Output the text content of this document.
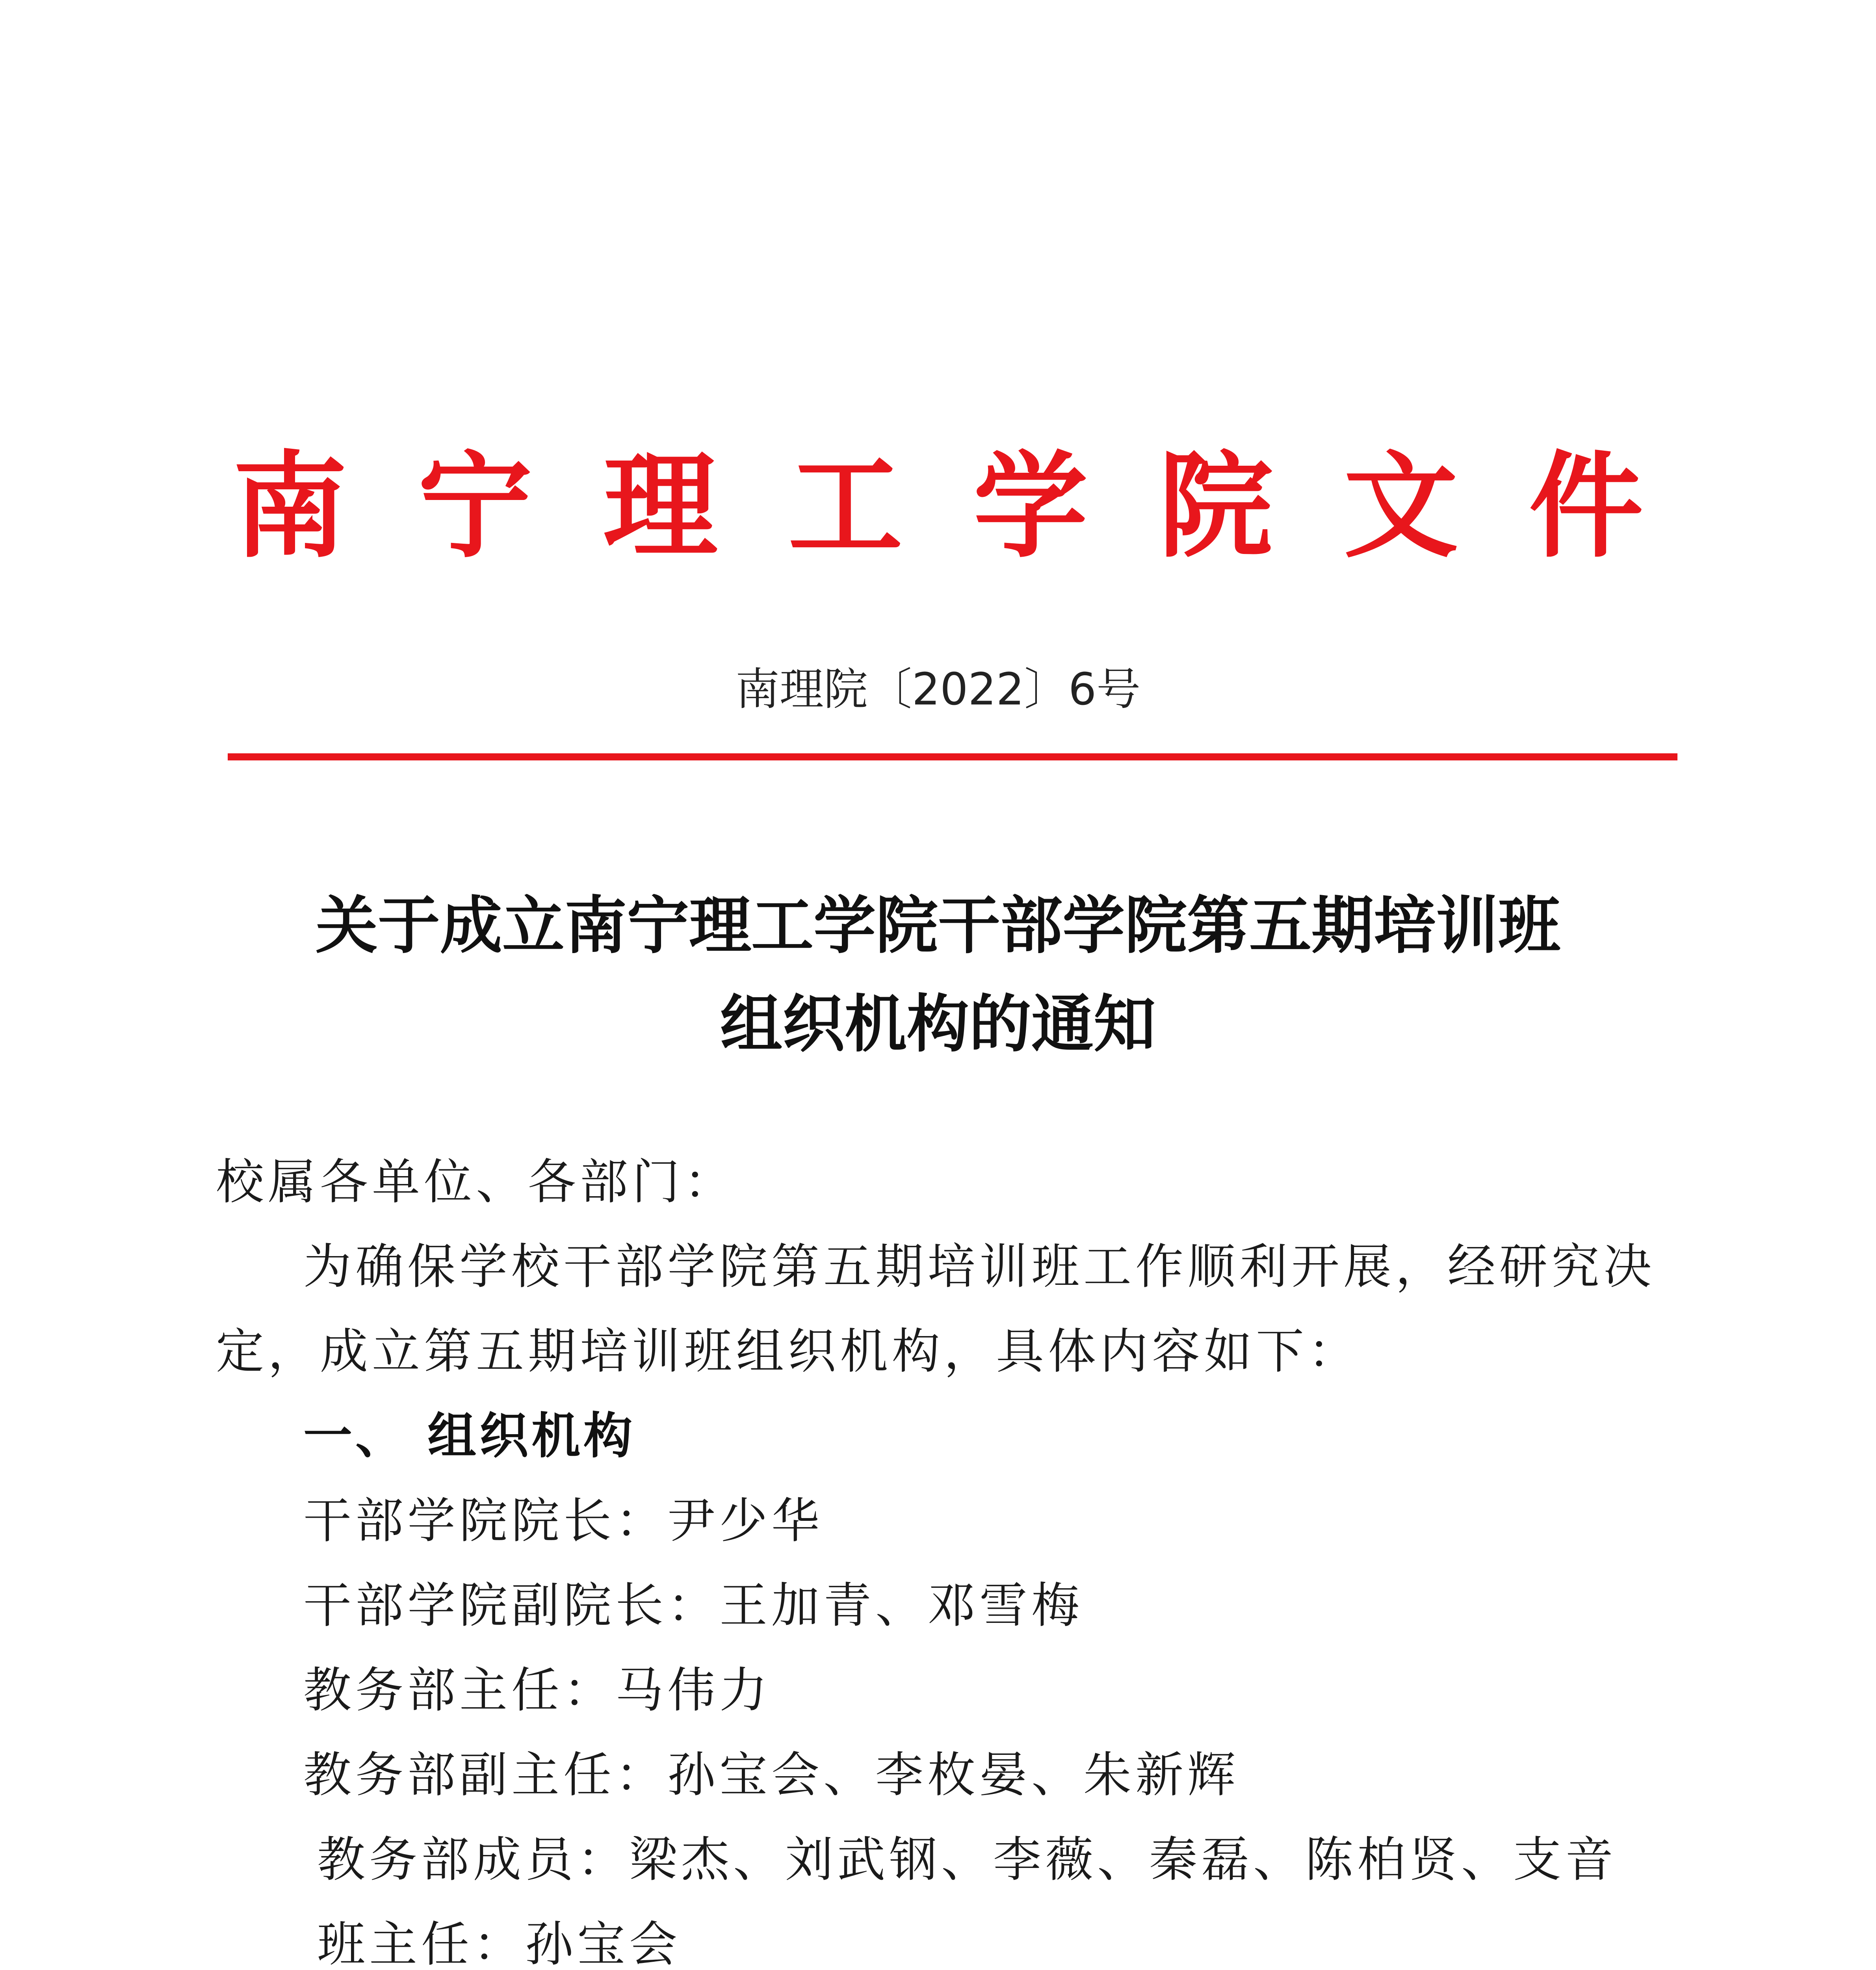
南宁理工学院文件
南理院〔2022〕6号
关于成立南宁理工学院干部学院第五期培训班
组织机构的通知
校属各单位、各部门：
为确保学校干部学院第五期培训班工作顺利开展，经研究决
定，成立第五期培训班组织机构，具体内容如下：
一、 组织机构
干部学院院长：尹少华
干部学院副院长：王加青、邓雪梅
教务部主任：马伟力
教务部副主任：孙宝会、李枚晏、朱新辉
教务部成员：梁杰、刘武钢、李薇、秦磊、陈柏贤、支音
班主任：孙宝会
